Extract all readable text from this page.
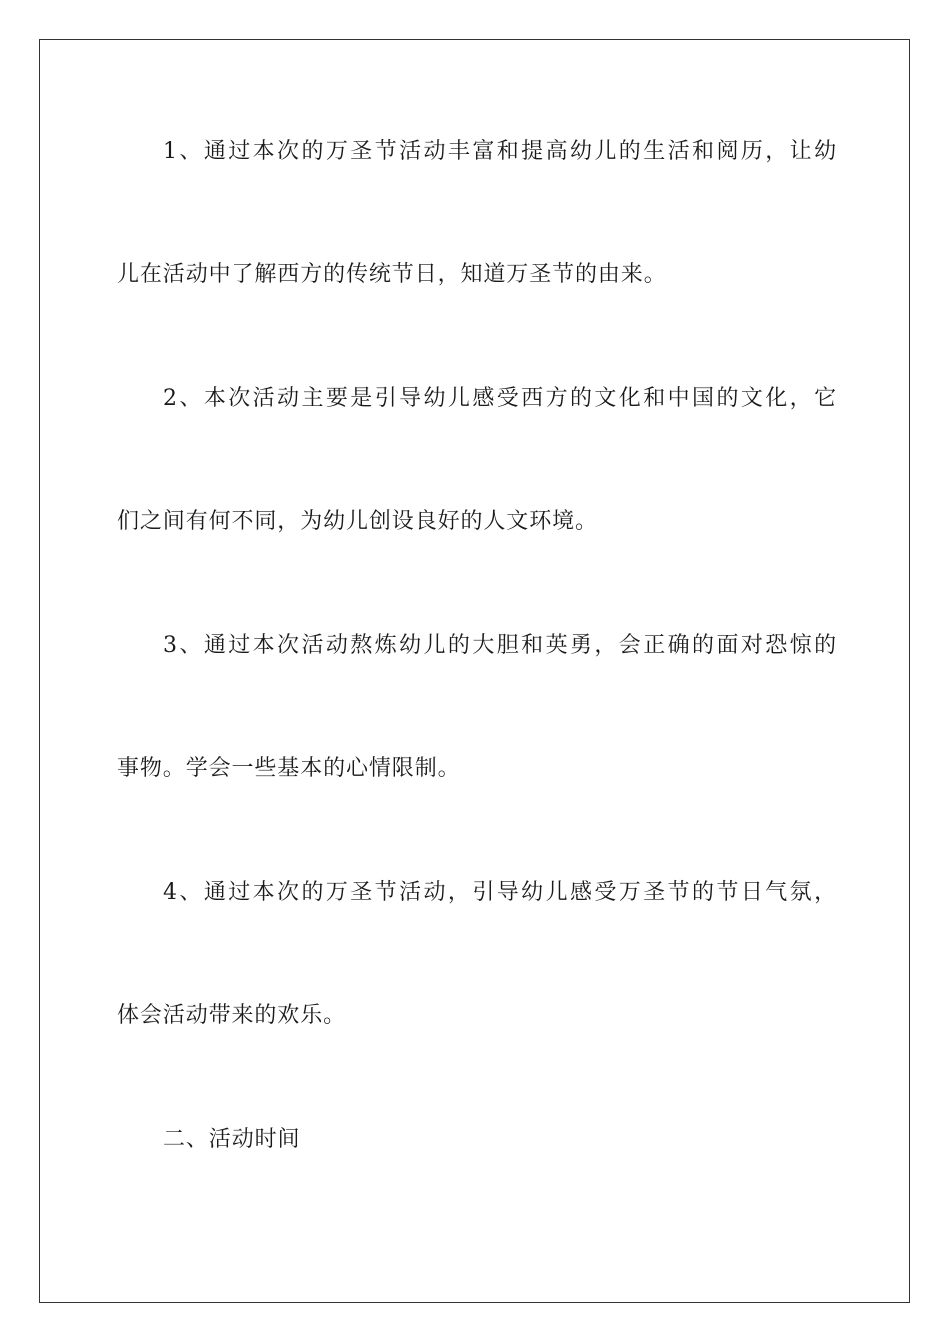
1、通过本次的万圣节活动丰富和提高幼儿的生活和阅历，让幼
儿在活动中了解西方的传统节日，知道万圣节的由来。
2、本次活动主要是引导幼儿感受西方的文化和中国的文化，它
们之间有何不同，为幼儿创设良好的人文环境。
3、通过本次活动熬炼幼儿的大胆和英勇，会正确的面对恐惊的
事物。学会一些基本的心情限制。
4、通过本次的万圣节活动，引导幼儿感受万圣节的节日气氛，
体会活动带来的欢乐。
二、活动时间
